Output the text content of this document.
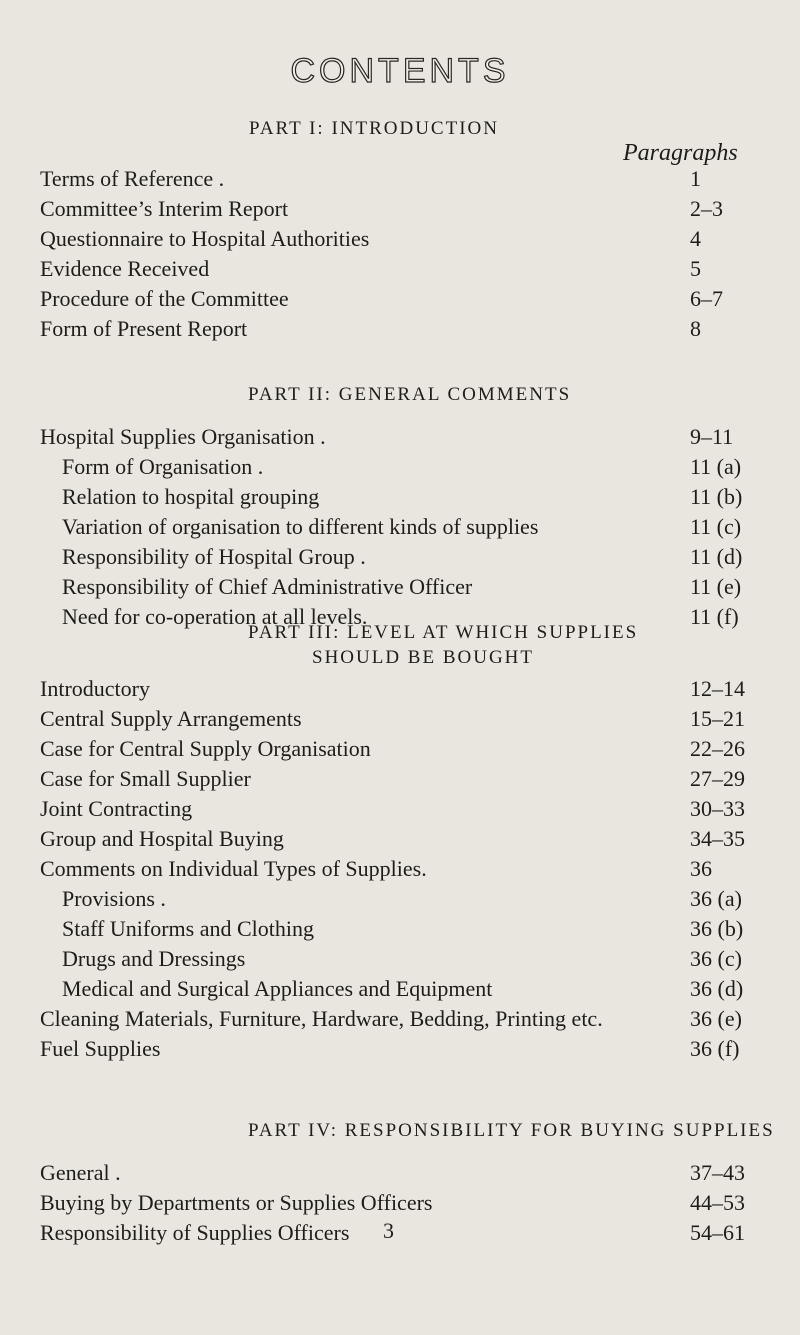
CONTENTS
PART I: INTRODUCTION
Paragraphs
Terms of Reference .	1
Committee’s Interim Report	2–3
Questionnaire to Hospital Authorities	4
Evidence Received	5
Procedure of the Committee	6–7
Form of Present Report	8
Hospital Supplies Organisation .	9–11
Form of Organisation .	11 (a)
Relation to hospital grouping	11 (b)
Variation of organisation to different kinds of supplies	11 (c)
Responsibility of Hospital Group .	11 (d)
Responsibility of Chief Administrative Officer	11 (e)
Need for co-operation at all levels.	11 (f)
Introductory	12–14
Central Supply Arrangements	15–21
Case for Central Supply Organisation	22–26
Case for Small Supplier	27–29
Joint Contracting	30–33
Group and Hospital Buying	34–35
Comments on Individual Types of Supplies.	36
Provisions .	36 (a)
Staff Uniforms and Clothing	36 (b)
Drugs and Dressings	36 (c)
Medical and Surgical Appliances and Equipment	36 (d)
Cleaning Materials, Furniture, Hardware, Bedding, Printing etc.	36 (e)
Fuel Supplies	36 (f)
General .	37–43
Buying by Departments or Supplies Officers	44–53
Responsibility of Supplies Officers	54–61
PART II: GENERAL COMMENTS
PART III: LEVEL AT WHICH SUPPLIES
SHOULD BE BOUGHT
PART IV: RESPONSIBILITY FOR BUYING SUPPLIES
3
